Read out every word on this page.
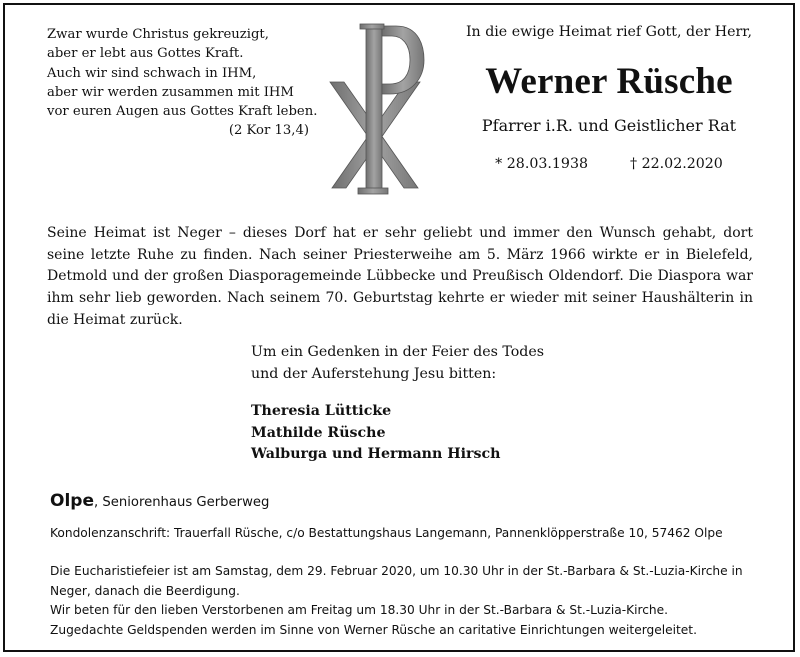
Zwar wurde Christus gekreuzigt,
aber er lebt aus Gottes Kraft.
Auch wir sind schwach in IHM,
aber wir werden zusammen mit IHM
vor euren Augen aus Gottes Kraft leben.
(2 Kor 13,4)
In die ewige Heimat rief Gott, der Herr,
Werner Rüsche
Pfarrer i.R. und Geistlicher Rat
* 28.03.1938	† 22.02.2020
Seine Heimat ist Neger – dieses Dorf hat er sehr geliebt und immer den Wunsch gehabt, dort seine letzte Ruhe zu finden. Nach seiner Priesterweihe am 5. März 1966 wirkte er in Bielefeld, Detmold und der großen Diasporagemeinde Lübbecke und Preußisch Oldendorf. Die Diaspora war ihm sehr lieb geworden. Nach seinem 70. Geburtstag kehrte er wieder mit seiner Haushälterin in die Heimat zurück.
Um ein Gedenken in der Feier des Todes
und der Auferstehung Jesu bitten:
Theresia Lütticke
Mathilde Rüsche
Walburga und Hermann Hirsch
Olpe, Seniorenhaus Gerberweg
Kondolenzanschrift: Trauerfall Rüsche, c/o Bestattungshaus Langemann, Pannenklöpperstraße 10, 57462 Olpe

Die Eucharistiefeier ist am Samstag, dem 29. Februar 2020, um 10.30 Uhr in der St.-Barbara & St.-Luzia-Kirche in Neger, danach die Beerdigung.

Wir beten für den lieben Verstorbenen am Freitag um 18.30 Uhr in der St.-Barbara & St.-Luzia-Kirche.

Zugedachte Geldspenden werden im Sinne von Werner Rüsche an caritative Einrichtungen weitergeleitet.
